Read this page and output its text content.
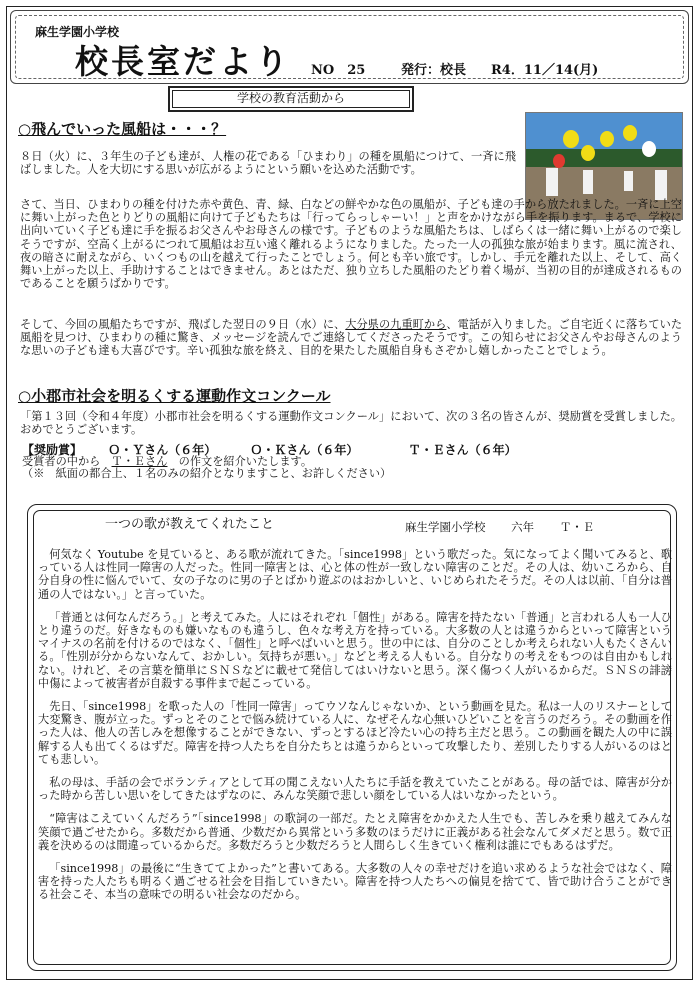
麻生学園小学校
校長室だより NO　25	発行：校長 R4．11／14(月)
学校の教育活動から
○飛んでいった風船は・・・？
８日（火）に、３年生の子ども達が、人権の花である「ひまわり」の種を風船につけて、一斉に飛ばしました。人を大切にする思いが広がるようにという願いを込めた活動です。
さて、当日、ひまわりの種を付けた赤や黄色、青、緑、白などの鮮やかな色の風船が、子ども達の手から放たれました。一斉に上空に舞い上がった色とりどりの風船に向けて子どもたちは「行ってらっしゃーい！」と声をかけながら手を振ります。まるで、学校に出向いていく子ども達に手を振るお父さんやお母さんの様です。子どものような風船たちは、しばらくは一緒に舞い上がるので楽しそうですが、空高く上がるにつれて風船はお互い遠く離れるようになりました。たった一人の孤独な旅が始まります。風に流され、夜の暗さに耐えながら、いくつもの山を越えて行ったことでしょう。何とも辛い旅です。しかし、手元を離れた以上、そして、高く舞い上がった以上、手助けすることはできません。あとはただ、独り立ちした風船のたどり着く場が、当初の目的が達成されるものであることを願うばかりです。
そして、今回の風船たちですが、飛ばした翌日の９日（水）に、大分県の九重町から、電話が入りました。ご自宅近くに落ちていた風船を見つけ、ひまわりの種に驚き、メッセージを読んでご連絡してくださったそうです。この知らせにお父さんやお母さんのような思いの子ども達も大喜びです。辛い孤独な旅を終え、目的を果たした風船自身もさぞかし嬉しかったことでしょう。
○小郡市社会を明るくする運動作文コンクール
「第１３回（令和４年度）小郡市社会を明るくする運動作文コンクール」において、次の３名の皆さんが、奨励賞を受賞しました。おめでとうございます。
【奨励賞】 Ｏ・Ｙさん（６年）	Ｏ・Ｋさん（６年）	Ｔ・Ｅさん（６年）
受賞者の中から　Ｔ・Ｅさん　の作文を紹介いたします。
（※　紙面の都合上、１名のみの紹介となりますこと、お許しください）
一つの歌が教えてくれたこと	麻生学園小学校 六年 Ｔ・Ｅ
何気なく Youtube を見ていると、ある歌が流れてきた。「since1998」という歌だった。気になってよく聞いてみると、歌っている人は性同一障害の人だった。性同一障害とは、心と体の性が一致しない障害のことだ。その人は、幼いころから、自分自身の性に悩んでいて、女の子なのに男の子とばかり遊ぶのはおかしいと、いじめられたそうだ。その人は以前、「自分は普通の人ではない。」と言っていた。
「普通とは何なんだろう。」と考えてみた。人にはそれぞれ「個性」がある。障害を持たない「普通」と言われる人も一人ひとり違うのだ。好きなものも嫌いなものも違うし、色々な考え方を持っている。大多数の人とは違うからといって障害というマイナスの名前を付けるのではなく、「個性」と呼べばいいと思う。世の中には、自分のことしか考えられない人もたくさんいる。「性別が分からないなんて、おかしい。気持ちが悪い。」などと考える人もいる。自分なりの考えをもつのは自由かもしれない。けれど、その言葉を簡単にＳＮＳなどに載せて発信してはいけないと思う。深く傷つく人がいるからだ。ＳＮＳの誹謗中傷によって被害者が自殺する事件まで起こっている。
先日、「since1998」を歌った人の「性同一障害」ってウソなんじゃないか、という動画を見た。私は一人のリスナーとして大変驚き、腹が立った。ずっとそのことで悩み続けている人に、なぜそんな心無いひどいことを言うのだろう。その動画を作った人は、他人の苦しみを想像することができない、ずっとするほど冷たい心の持ち主だと思う。この動画を観た人の中に誤解する人も出てくるはずだ。障害を持つ人たちを自分たちとは違うからといって攻撃したり、差別したりする人がいるのはとても悲しい。
私の母は、手話の会でボランティアとして耳の聞こえない人たちに手話を教えていたことがある。母の話では、障害が分かった時から苦しい思いをしてきたはずなのに、みんな笑顔で悲しい顔をしている人はいなかったという。
“障害はこえていくんだろう”「since1998」の歌詞の一部だ。たとえ障害をかかえた人生でも、苦しみを乗り越えてみんな笑顔で過ごせたから。多数だから普通、少数だから異常という多数のほうだけに正義がある社会なんてダメだと思う。数で正義を決めるのは間違っているからだ。多数だろうと少数だろうと人間らしく生きていく権利は誰にでもあるはずだ。
「since1998」の最後に“生きててよかった”と書いてある。大多数の人々の幸せだけを追い求めるような社会ではなく、障害を持った人たちも明るく過ごせる社会を目指していきたい。障害を持つ人たちへの偏見を捨てて、皆で助け合うことができる社会こそ、本当の意味での明るい社会なのだから。
